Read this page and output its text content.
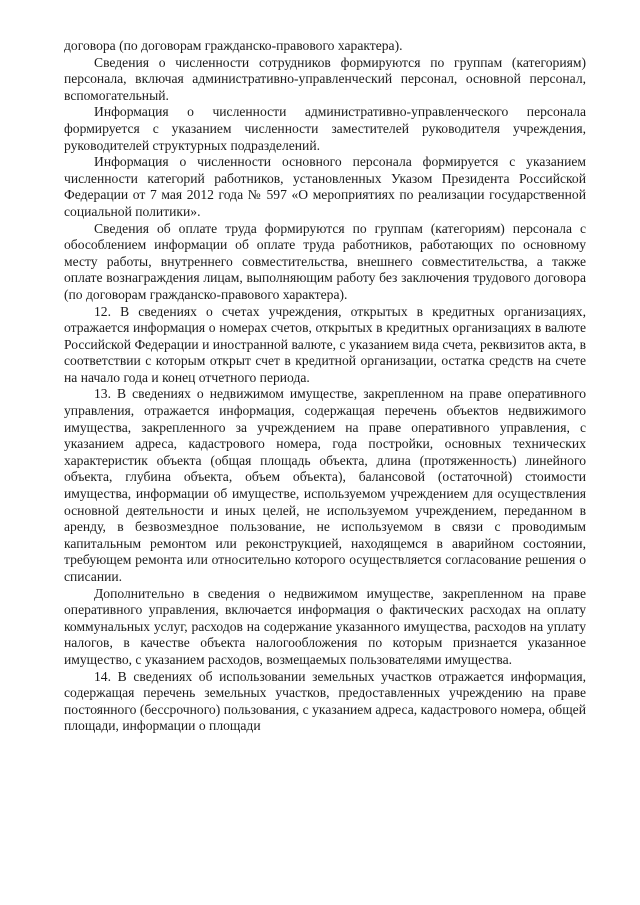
договора (по договорам гражданско-правового характера).

Сведения о численности сотрудников формируются по группам (категориям) персонала, включая административно-управленческий персонал, основной персонал, вспомогательный.

Информация о численности административно-управленческого персонала формируется с указанием численности заместителей руководителя учреждения, руководителей структурных подразделений.

Информация о численности основного персонала формируется с указанием численности категорий работников, установленных Указом Президента Российской Федерации от 7 мая 2012 года № 597 «О мероприятиях по реализации государственной социальной политики».

Сведения об оплате труда формируются по группам (категориям) персонала с обособлением информации об оплате труда работников, работающих по основному месту работы, внутреннего совместительства, внешнего совместительства, а также оплате вознаграждения лицам, выполняющим работу без заключения трудового договора (по договорам гражданско-правового характера).

12. В сведениях о счетах учреждения, открытых в кредитных организациях, отражается информация о номерах счетов, открытых в кредитных организациях в валюте Российской Федерации и иностранной валюте, с указанием вида счета, реквизитов акта, в соответствии с которым открыт счет в кредитной организации, остатка средств на счете на начало года и конец отчетного периода.

13. В сведениях о недвижимом имуществе, закрепленном на праве оперативного управления, отражается информация, содержащая перечень объектов недвижимого имущества, закрепленного за учреждением на праве оперативного управления, с указанием адреса, кадастрового номера, года постройки, основных технических характеристик объекта (общая площадь объекта, длина (протяженность) линейного объекта, глубина объекта, объем объекта), балансовой (остаточной) стоимости имущества, информации об имуществе, используемом учреждением для осуществления основной деятельности и иных целей, не используемом учреждением, переданном в аренду, в безвозмездное пользование, не используемом в связи с проводимым капитальным ремонтом или реконструкцией, находящемся в аварийном состоянии, требующем ремонта или относительно которого осуществляется согласование решения о списании.

Дополнительно в сведения о недвижимом имуществе, закрепленном на праве оперативного управления, включается информация о фактических расходах на оплату коммунальных услуг, расходов на содержание указанного имущества, расходов на уплату налогов, в качестве объекта налогообложения по которым признается указанное имущество, с указанием расходов, возмещаемых пользователями имущества.

14. В сведениях об использовании земельных участков отражается информация, содержащая перечень земельных участков, предоставленных учреждению на праве постоянного (бессрочного) пользования, с указанием адреса, кадастрового номера, общей площади, информации о площади
